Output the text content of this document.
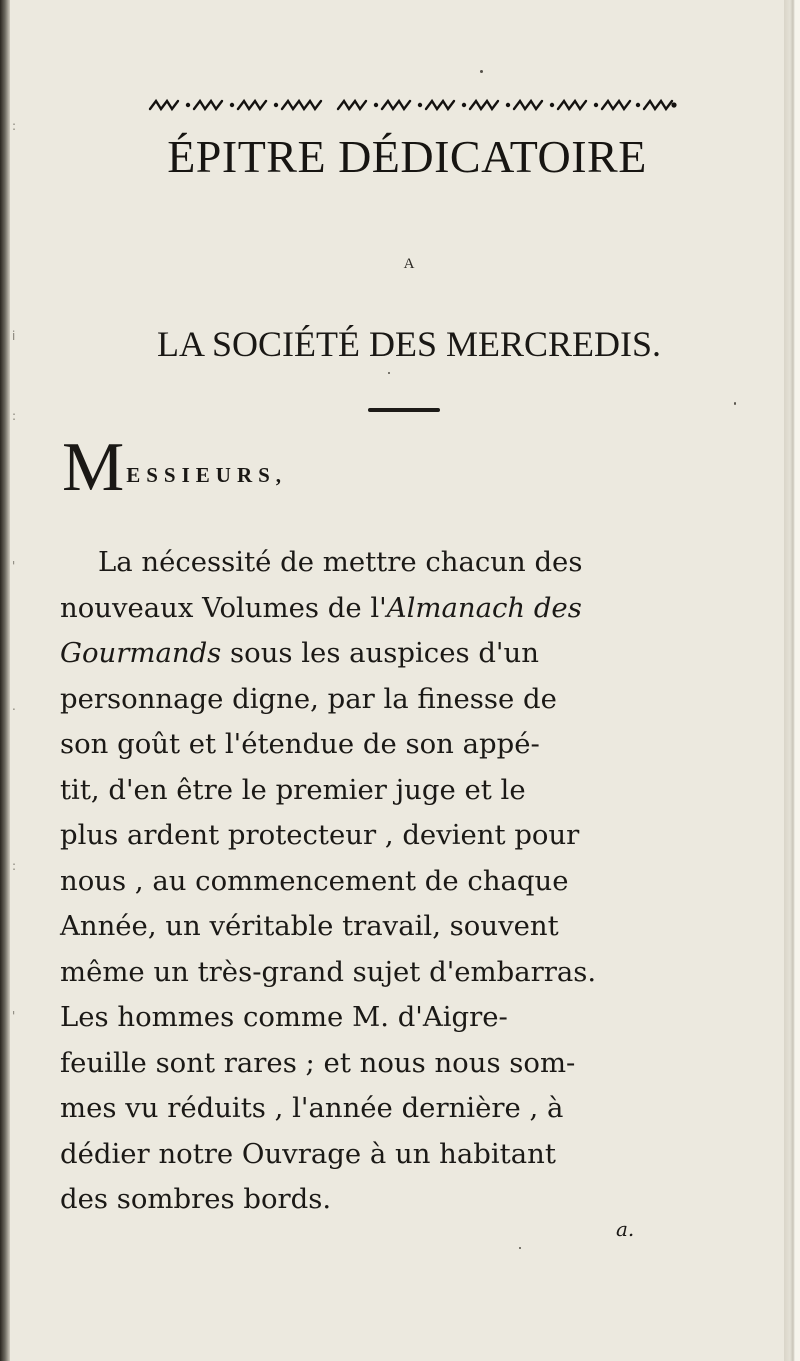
:
i
:
'
.
:
'
ÉPITRE DÉDICATOIRE
A
LA SOCIÉTÉ DES MERCREDIS.
MESSIEURS,
La nécessité de mettre chacun des
nouveaux Volumes de l'Almanach des
Gourmands sous les auspices d'un
personnage digne, par la finesse de
son goût et l'étendue de son appé-
tit, d'en être le premier juge et le
plus ardent protecteur , devient pour
nous , au commencement de chaque
Année, un véritable travail, souvent
même un très-grand sujet d'embarras.
Les hommes comme M. d'Aigre-
feuille sont rares ; et nous nous som-
mes vu réduits , l'année dernière , à
dédier notre Ouvrage à un habitant
des sombres bords.
a.
